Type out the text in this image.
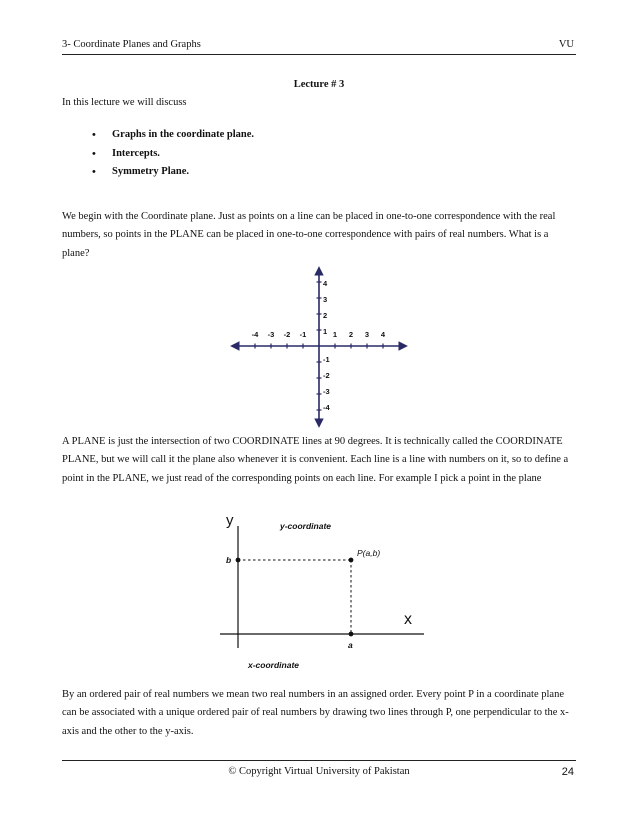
3- Coordinate Planes and Graphs	VU
Lecture # 3
In this lecture we will discuss
• Graphs in the coordinate plane.
• Intercepts.
• Symmetry Plane.
We begin with the Coordinate plane. Just as points on a line can be placed in one-to-one correspondence with the real numbers, so points in the PLANE can be placed in one-to-one correspondence with pairs of real numbers. What is a plane?
-4 -3 -2 -1	1 2 3 4
4
3
2
1
-1
-2
-3
-4
A PLANE is just the intersection of two COORDINATE lines at 90 degrees. It is technically called the COORDINATE PLANE, but we will call it the plane also whenever it is convenient. Each line is a line with numbers on it, so to define a point in the PLANE, we just read of the corresponding points on each line. For example I pick a point in the plane
y
x
y-coordinate
x-coordinate
P(a,b)
b
a
By an ordered pair of real numbers we mean two real numbers in an assigned order. Every point P in a coordinate plane can be associated with a unique ordered pair of real numbers by drawing two lines through P, one perpendicular to the x-axis and the other to the y-axis.
© Copyright Virtual University of Pakistan	24
